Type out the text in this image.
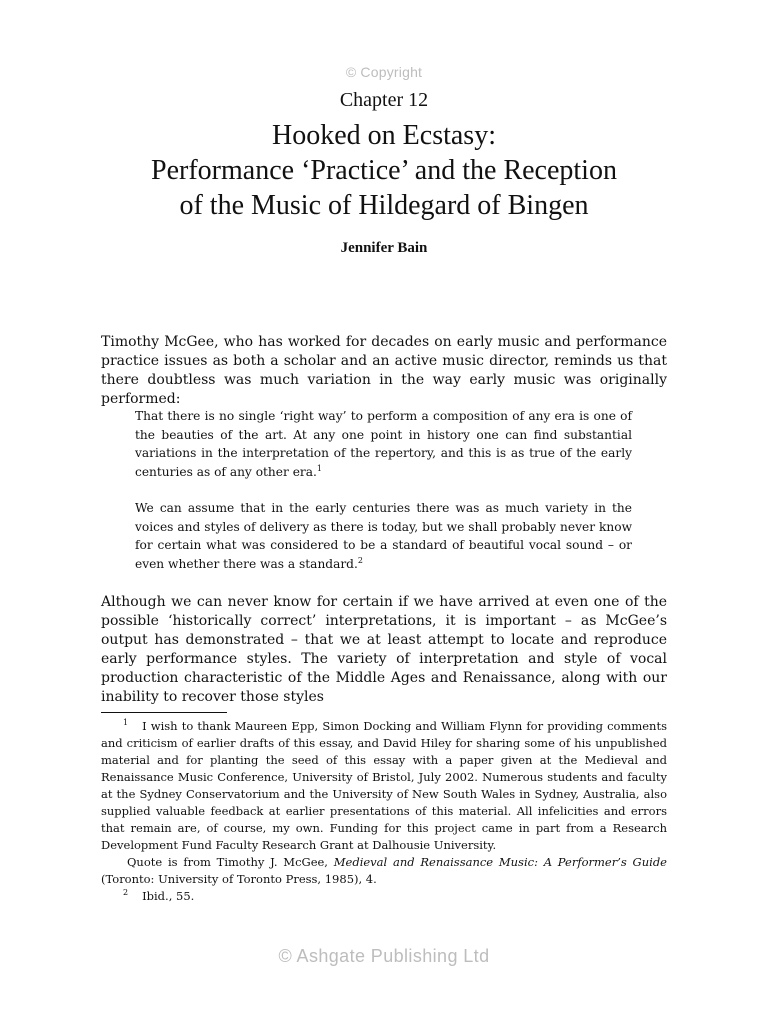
© Copyright
Chapter 12
Hooked on Ecstasy:
Performance ‘Practice’ and the Reception
of the Music of Hildegard of Bingen
Jennifer Bain

Timothy McGee, who has worked for decades on early music and performance practice issues as both a scholar and an active music director, reminds us that there doubtless was much variation in the way early music was originally performed:

That there is no single ‘right way’ to perform a composition of any era is one of the beauties of the art. At any one point in history one can find substantial variations in the interpretation of the repertory, and this is as true of the early centuries as of any other era.$^1$

We can assume that in the early centuries there was as much variety in the voices and styles of delivery as there is today, but we shall probably never know for certain what was considered to be a standard of beautiful vocal sound – or even whether there was a standard.$^2$

Although we can never know for certain if we have arrived at even one of the possible ‘historically correct’ interpretations, it is important – as McGee’s output has demonstrated – that we at least attempt to locate and reproduce early performance styles. The variety of interpretation and style of vocal production characteristic of the Middle Ages and Renaissance, along with our inability to recover those styles

$^1$ I wish to thank Maureen Epp, Simon Docking and William Flynn for providing comments and criticism of earlier drafts of this essay, and David Hiley for sharing some of his unpublished material and for planting the seed of this essay with a paper given at the Medieval and Renaissance Music Conference, University of Bristol, July 2002. Numerous students and faculty at the Sydney Conservatorium and the University of New South Wales in Sydney, Australia, also supplied valuable feedback at earlier presentations of this material. All infelicities and errors that remain are, of course, my own. Funding for this project came in part from a Research Development Fund Faculty Research Grant at Dalhousie University.

Quote is from Timothy J. McGee, Medieval and Renaissance Music: A Performer’s Guide (Toronto: University of Toronto Press, 1985), 4.

$^2$ Ibid., 55.

© Ashgate Publishing Ltd
